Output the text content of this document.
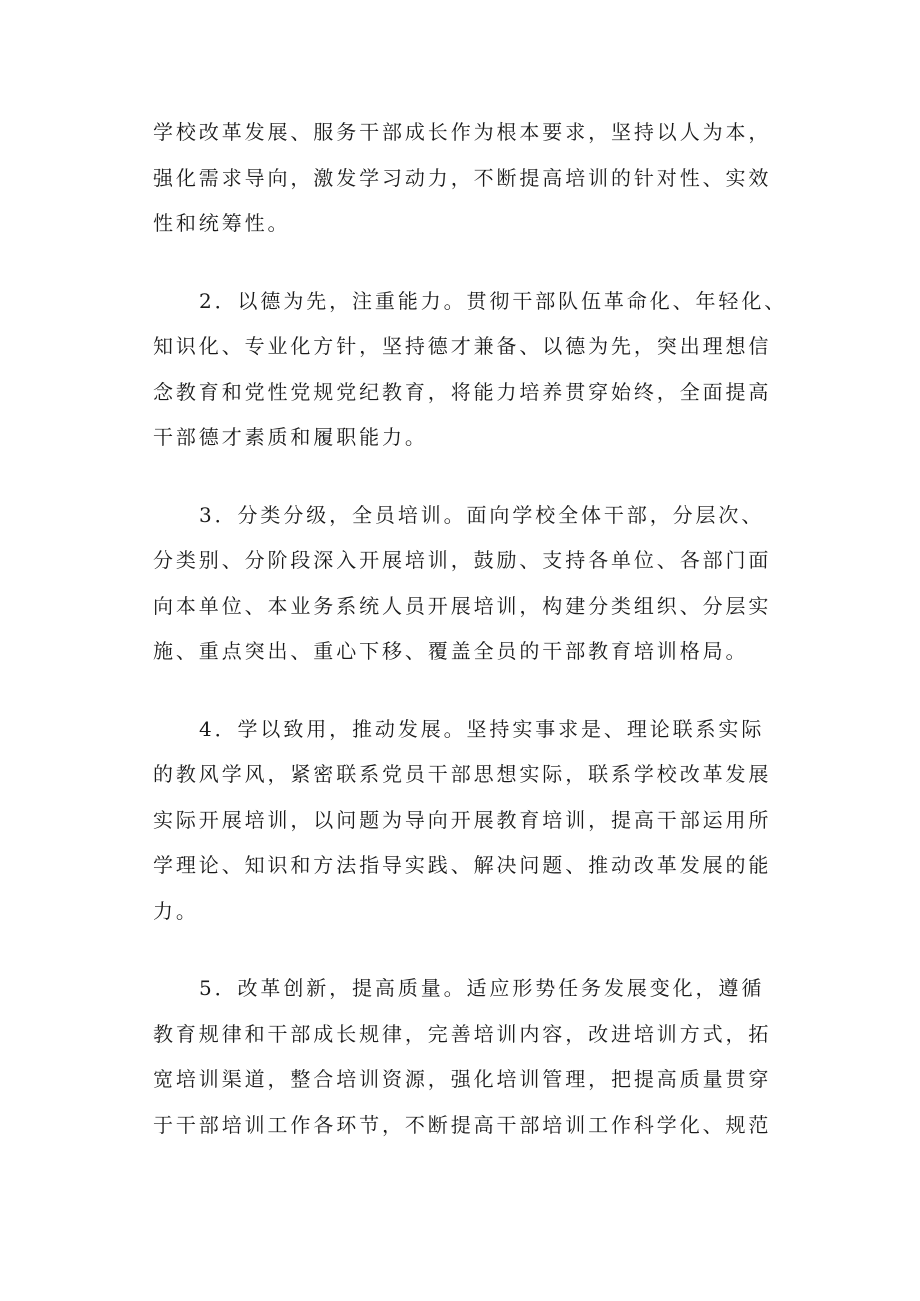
学校改革发展、服务干部成长作为根本要求，坚持以人为本，
强化需求导向，激发学习动力，不断提高培训的针对性、实效
性和统筹性。
2．以德为先，注重能力。贯彻干部队伍革命化、年轻化、
知识化、专业化方针，坚持德才兼备、以德为先，突出理想信
念教育和党性党规党纪教育，将能力培养贯穿始终，全面提高
干部德才素质和履职能力。
3．分类分级，全员培训。面向学校全体干部，分层次、
分类别、分阶段深入开展培训，鼓励、支持各单位、各部门面
向本单位、本业务系统人员开展培训，构建分类组织、分层实
施、重点突出、重心下移、覆盖全员的干部教育培训格局。
4．学以致用，推动发展。坚持实事求是、理论联系实际
的教风学风，紧密联系党员干部思想实际，联系学校改革发展
实际开展培训，以问题为导向开展教育培训，提高干部运用所
学理论、知识和方法指导实践、解决问题、推动改革发展的能
力。
5．改革创新，提高质量。适应形势任务发展变化，遵循
教育规律和干部成长规律，完善培训内容，改进培训方式，拓
宽培训渠道，整合培训资源，强化培训管理，把提高质量贯穿
于干部培训工作各环节，不断提高干部培训工作科学化、规范
